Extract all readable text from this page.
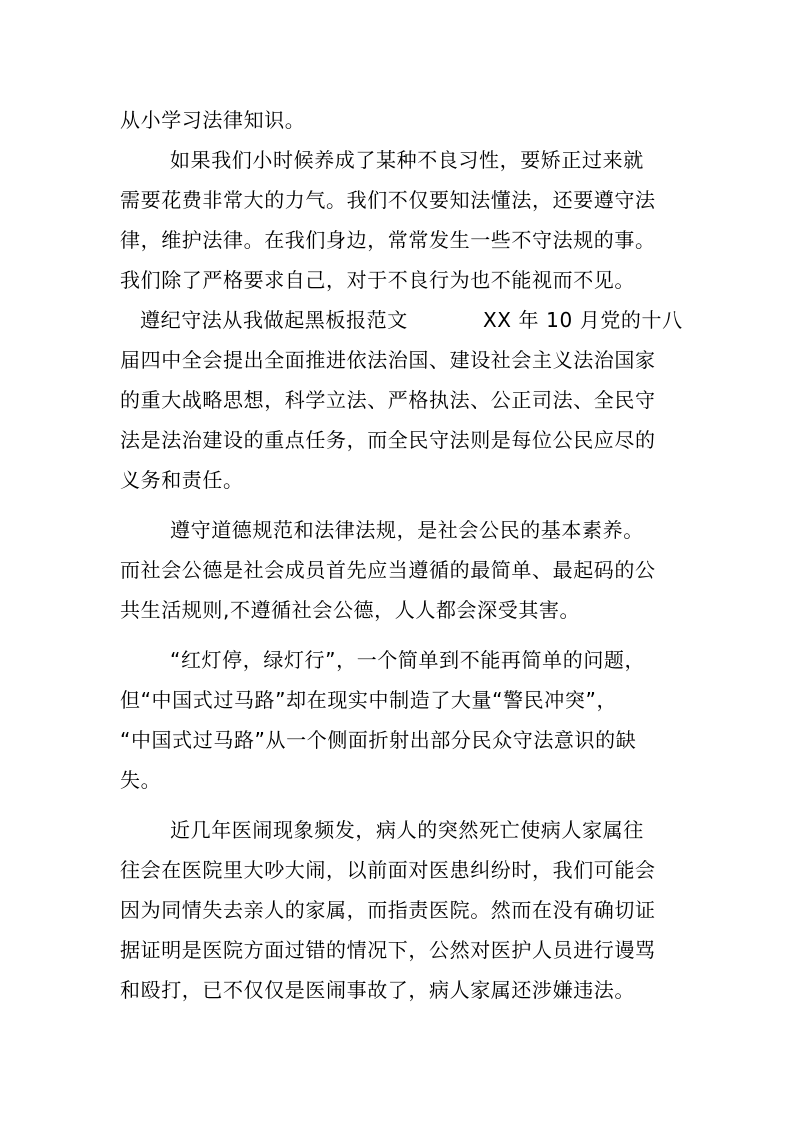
从小学习法律知识。

如果我们小时候养成了某种不良习性，要矫正过来就

需要花费非常大的力气。我们不仅要知法懂法，还要遵守法

律，维护法律。在我们身边，常常发生一些不守法规的事。

我们除了严格要求自己，对于不良行为也不能视而不见。

遵纪守法从我做起黑板报范文	XX 年 10 月党的十八

届四中全会提出全面推进依法治国、建设社会主义法治国家

的重大战略思想，科学立法、严格执法、公正司法、全民守

法是法治建设的重点任务，而全民守法则是每位公民应尽的

义务和责任。

遵守道德规范和法律法规，是社会公民的基本素养。

而社会公德是社会成员首先应当遵循的最简单、最起码的公

共生活规则,不遵循社会公德，人人都会深受其害。

“红灯停，绿灯行”，一个简单到不能再简单的问题，

但“中国式过马路”却在现实中制造了大量“警民冲突”，

“中国式过马路”从一个侧面折射出部分民众守法意识的缺

失。

近几年医闹现象频发，病人的突然死亡使病人家属往

往会在医院里大吵大闹，以前面对医患纠纷时，我们可能会

因为同情失去亲人的家属，而指责医院。然而在没有确切证

据证明是医院方面过错的情况下，公然对医护人员进行谩骂

和殴打，已不仅仅是医闹事故了，病人家属还涉嫌违法。
